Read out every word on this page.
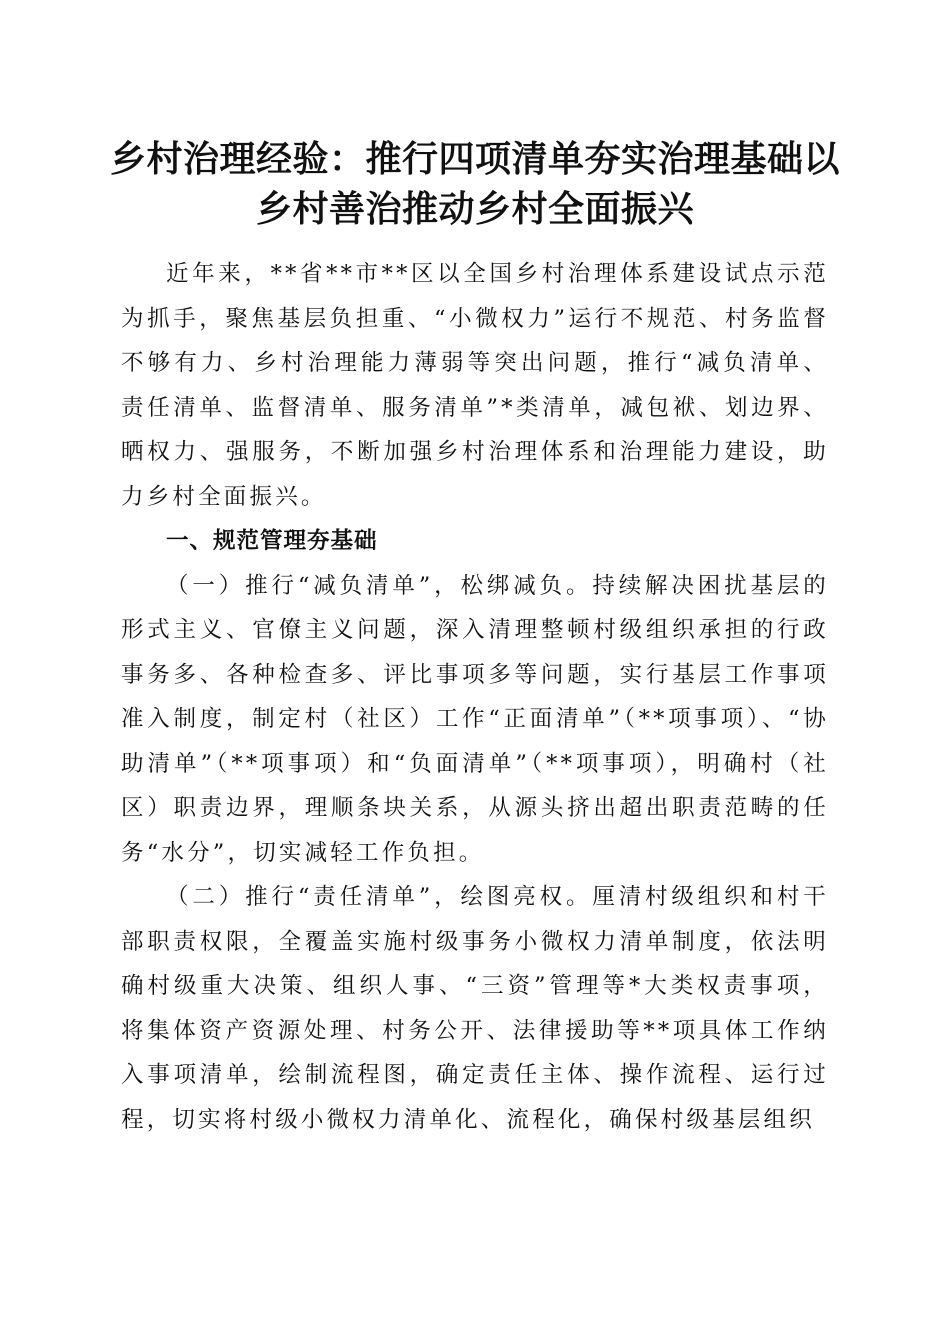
乡村治理经验：推行四项清单夯实治理基础以乡村善治推动乡村全面振兴

近年来，**省**市**区以全国乡村治理体系建设试点示范为抓手，聚焦基层负担重、“小微权力”运行不规范、村务监督不够有力、乡村治理能力薄弱等突出问题，推行“减负清单、责任清单、监督清单、服务清单”*类清单，减包袱、划边界、晒权力、强服务，不断加强乡村治理体系和治理能力建设，助力乡村全面振兴。

一、规范管理夯基础

（一）推行“减负清单”，松绑减负。持续解决困扰基层的形式主义、官僚主义问题，深入清理整顿村级组织承担的行政事务多、各种检查多、评比事项多等问题，实行基层工作事项准入制度，制定村（社区）工作“正面清单”（**项事项）、“协助清单”（**项事项）和“负面清单”（**项事项），明确村（社区）职责边界，理顺条块关系，从源头挤出超出职责范畴的任务“水分”，切实减轻工作负担。

（二）推行“责任清单”，绘图亮权。厘清村级组织和村干部职责权限，全覆盖实施村级事务小微权力清单制度，依法明确村级重大决策、组织人事、“三资”管理等*大类权责事项，将集体资产资源处理、村务公开、法律援助等**项具体工作纳入事项清单，绘制流程图，确定责任主体、操作流程、运行过程，切实将村级小微权力清单化、流程化，确保村级基层组织
